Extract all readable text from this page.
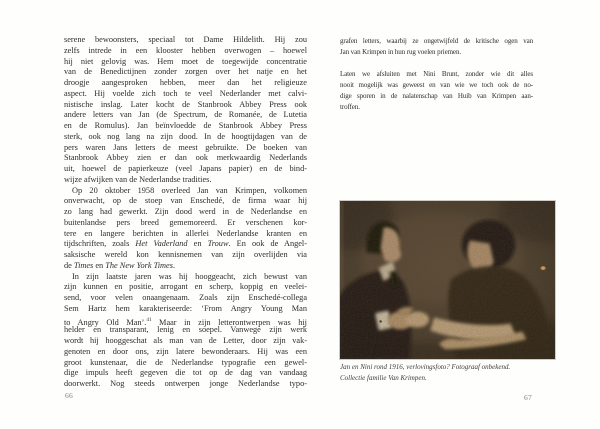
serene bewoonsters, speciaal tot Dame Hildelith. Hij zou
zelfs intrede in een klooster hebben overwogen – hoewel
hij niet gelovig was. Hem moet de toegewijde concentratie
van de Benedictijnen zonder zorgen over het natje en het
droogje aangesproken hebben, meer dan het religieuze
aspect. Hij voelde zich toch te veel Nederlander met calvi-
nistische inslag. Later kocht de Stanbrook Abbey Press ook
andere letters van Jan (de Spectrum, de Romanée, de Lutetia
en de Romulus). Jan beïnvloedde de Stanbrook Abbey Press
sterk, ook nog lang na zijn dood. In de hoogtijdagen van de
pers waren Jans letters de meest gebruikte. De boeken van
Stanbrook Abbey zien er dan ook merkwaardig Nederlands
uit, hoewel de papierkeuze (veel Japans papier) en de bind-
wijze afwijken van de Nederlandse tradities.
Op 20 oktober 1958 overleed Jan van Krimpen, volkomen
onverwacht, op de stoep van Enschedé, de firma waar hij
zo lang had gewerkt. Zijn dood werd in de Nederlandse en
buitenlandse pers breed gememoreerd. Er verschenen kor-
tere en langere berichten in allerlei Nederlandse kranten en
tijdschriften, zoals Het Vaderland en Trouw. En ook de Angel-
saksische wereld kon kennisnemen van zijn overlijden via
de Times en The New York Times.
In zijn laatste jaren was hij hooggeacht, zich bewust van
zijn kunnen en positie, arrogant en scherp, koppig en veelei-
send, voor velen onaangenaam. Zoals zijn Enschedé-collega
Sem Hartz hem karakteriseerde: ‘From Angry Young Man
to Angry Old Man’.$^{41}$ Maar in zijn letterontwerpen was hij
helder en transparant, lenig en soepel. Vanwege zijn werk
wordt hij hooggeschat als man van de Letter, door zijn vak-
genoten en door ons, zijn latere bewonderaars. Hij was een
groot kunstenaar, die de Nederlandse typografie een gewel-
dige impuls heeft gegeven die tot op de dag van vandaag
doorwerkt. Nog steeds ontwerpen jonge Nederlandse typo-
66
grafen letters, waarbij ze ongetwijfeld de kritische ogen van
Jan van Krimpen in hun rug voelen priemen.
Laten we afsluiten met Nini Brunt, zonder wie dit alles
nooit mogelijk was geweest en van wie we toch ook de no-
dige sporen in de nalatenschap van Huib van Krimpen aan-
troffen.
Jan en Nini rond 1916, verlovingsfoto? Fotograaf onbekend.
Collectie familie Van Krimpen.
67
